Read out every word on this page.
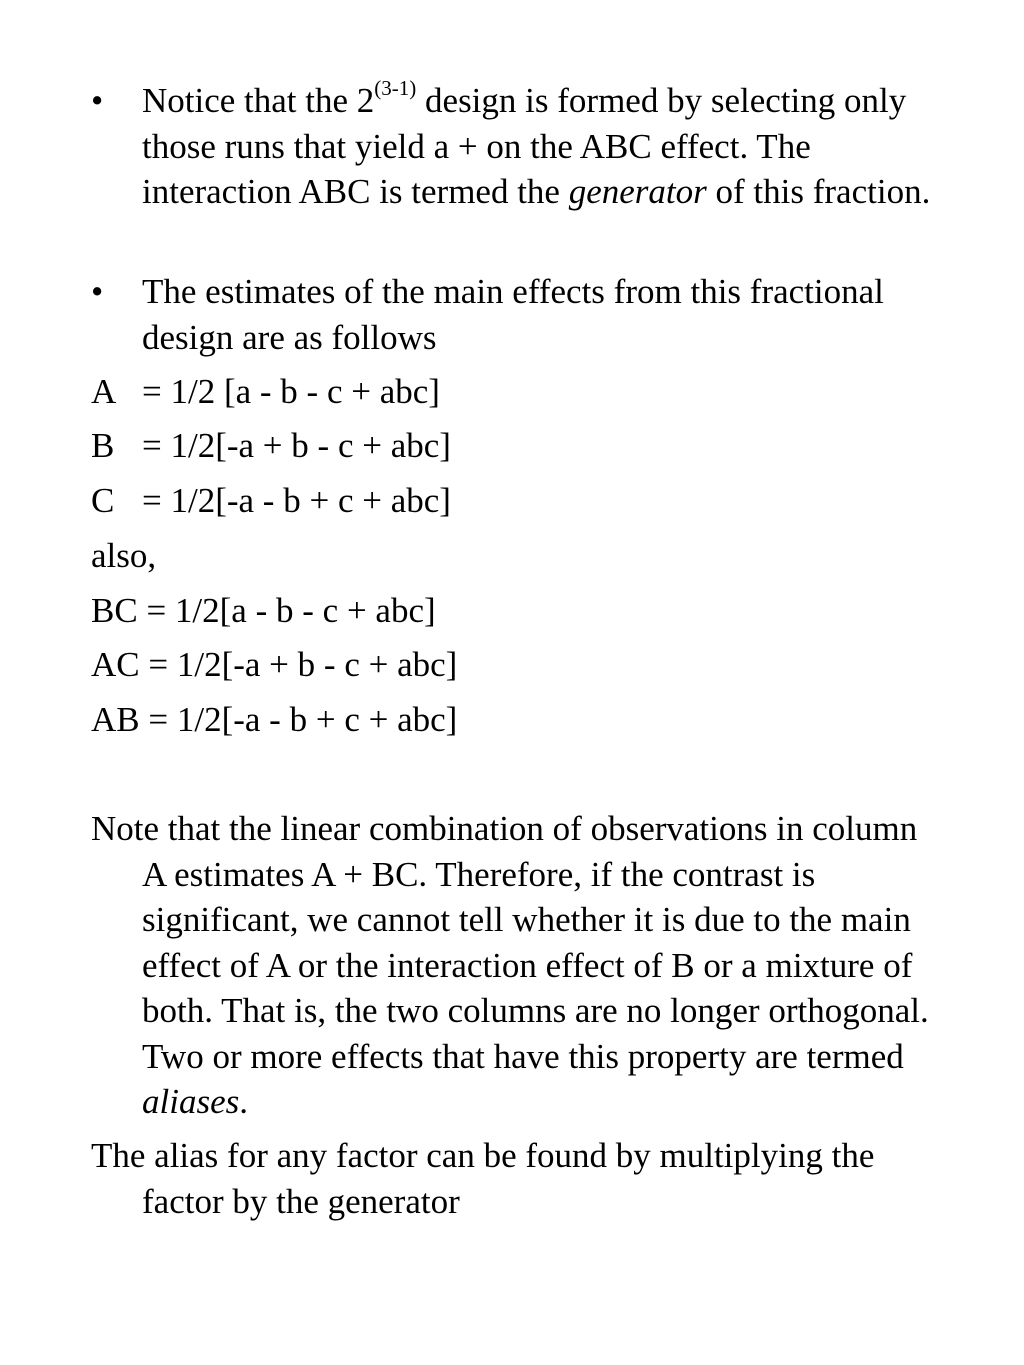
• Notice that the 2$^{(3-1)}$ design is formed by selecting only those runs that yield a + on the ABC effect. The interaction ABC is termed the generator of this fraction.
• The estimates of the main effects from this fractional design are as follows
A = 1/2 [a - b - c + abc]
B = 1/2[-a + b - c + abc]
C = 1/2[-a - b + c + abc]
also,
BC = 1/2[a - b - c + abc]
AC = 1/2[-a + b - c + abc]
AB = 1/2[-a - b + c + abc]
Note that the linear combination of observations in column A estimates A + BC. Therefore, if the contrast is significant, we cannot tell whether it is due to the main effect of A or the interaction effect of B or a mixture of both. That is, the two columns are no longer orthogonal. Two or more effects that have this property are termed aliases.
The alias for any factor can be found by multiplying the factor by the generator
